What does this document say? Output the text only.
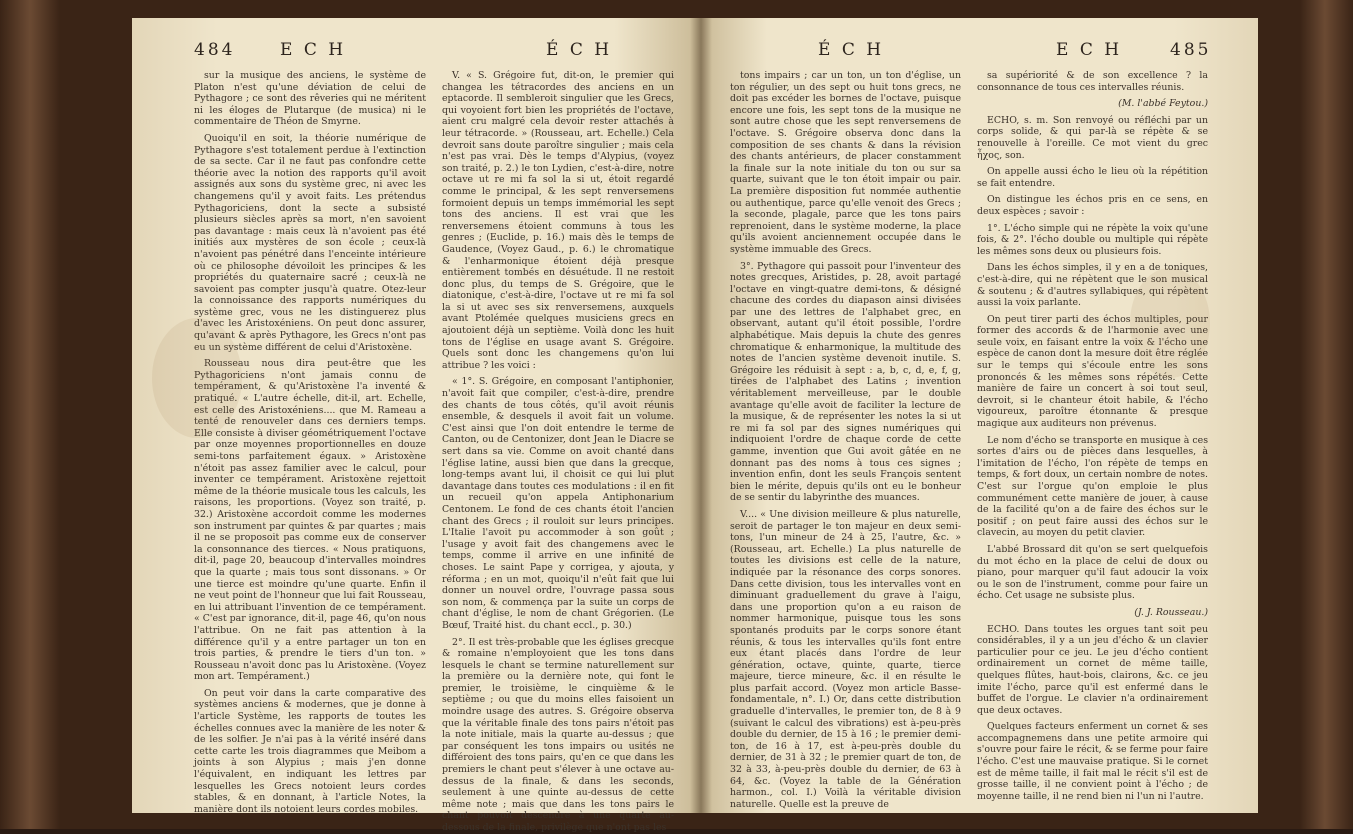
484	E C H	É C H

sur la musique des anciens, le système de Platon n'est qu'une déviation de celui de Pythagore ; ce sont des rêveries qui ne méritent ni les éloges de Plutarque (de musica) ni le commentaire de Théon de Smyrne.

Quoiqu'il en soit, la théorie numérique de Pythagore s'est totalement perdue à l'extinction de sa secte. Car il ne faut pas confondre cette théorie avec la notion des rapports qu'il avoit assignés aux sons du système grec, ni avec les changemens qu'il y avoit faits. Les prétendus Pythagoriciens, dont la secte a subsisté plusieurs siècles après sa mort, n'en savoient pas davantage : mais ceux là n'avoient pas été initiés aux mystères de son école ; ceux-là n'avoient pas pénétré dans l'enceinte intérieure où ce philosophe dévoiloit les principes & les propriétés du quaternaire sacré ; ceux-là ne savoient pas compter jusqu'à quatre. Otez-leur la connoissance des rapports numériques du système grec, vous ne les distinguerez plus d'avec les Aristoxéniens. On peut donc assurer, qu'avant & après Pythagore, les Grecs n'ont pas eu un système différent de celui d'Aristoxène.

Rousseau nous dira peut-être que les Pythagoriciens n'ont jamais connu de tempérament, & qu'Aristoxène l'a inventé & pratiqué. « L'autre échelle, dit-il, art. Echelle, est celle des Aristoxéniens.... que M. Rameau a tenté de renouveler dans ces derniers temps. Elle consiste à diviser géométriquement l'octave par onze moyennes proportionnelles en douze semi-tons parfaitement égaux. » Aristoxène n'étoit pas assez familier avec le calcul, pour inventer ce tempérament. Aristoxène rejettoit même de la théorie musicale tous les calculs, les raisons, les proportions. (Voyez son traité, p. 32.) Aristoxène accordoit comme les modernes son instrument par quintes & par quartes ; mais il ne se proposoit pas comme eux de conserver la consonnance des tierces. « Nous pratiquons, dit-il, page 20, beaucoup d'intervalles moindres que la quarte ; mais tous sont dissonans. » Or une tierce est moindre qu'une quarte. Enfin il ne veut point de l'honneur que lui fait Rousseau, en lui attribuant l'invention de ce tempérament. « C'est par ignorance, dit-il, page 46, qu'on nous l'attribue. On ne fait pas attention à la différence qu'il y a entre partager un ton en trois parties, & prendre le tiers d'un ton. » Rousseau n'avoit donc pas lu Aristoxène. (Voyez mon art. Tempérament.)

On peut voir dans la carte comparative des systèmes anciens & modernes, que je donne à l'article Système, les rapports de toutes les échelles connues avec la manière de les noter & de les solfier. Je n'ai pas à la vérité inséré dans cette carte les trois diagrammes que Meibom a joints à son Alypius ; mais j'en donne l'équivalent, en indiquant les lettres par lesquelles les Grecs notoient leurs cordes stables, & en donnant, à l'article Notes, la manière dont ils notoient leurs cordes mobiles.

V. « S. Grégoire fut, dit-on, le premier qui changea les tétracordes des anciens en un eptacorde. Il sembleroit singulier que les Grecs, qui voyoient fort bien les propriétés de l'octave, aient cru malgré cela devoir rester attachés à leur tétracorde. » (Rousseau, art. Echelle.) Cela devroit sans doute paroître singulier ; mais cela n'est pas vrai. Dès le temps d'Alypius, (voyez son traité, p. 2.) le ton Lydien, c'est-à-dire, notre octave ut re mi fa sol la si ut, étoit regardé comme le principal, & les sept renversemens formoient depuis un temps immémorial les sept tons des anciens. Il est vrai que les renversemens étoient communs à tous les genres ; (Euclide, p. 16.) mais dès le temps de Gaudence, (Voyez Gaud., p. 6.) le chromatique & l'enharmonique étoient déjà presque entièrement tombés en désuétude. Il ne restoit donc plus, du temps de S. Grégoire, que le diatonique, c'est-à-dire, l'octave ut re mi fa sol la si ut avec ses six renversemens, auxquels avant Ptolémée quelques musiciens grecs en ajoutoient déjà un septième. Voilà donc les huit tons de l'église en usage avant S. Grégoire. Quels sont donc les changemens qu'on lui attribue ? les voici :

« 1°. S. Grégoire, en composant l'antiphonier, n'avoit fait que compiler, c'est-à-dire, prendre des chants de tous côtés, qu'il avoit réunis ensemble, & desquels il avoit fait un volume. C'est ainsi que l'on doit entendre le terme de Canton, ou de Centonizer, dont Jean le Diacre se sert dans sa vie. Comme on avoit chanté dans l'église latine, aussi bien que dans la grecque, long-temps avant lui, il choisit ce qui lui plut davantage dans toutes ces modulations : il en fit un recueil qu'on appela Antiphonarium Centonem. Le fond de ces chants étoit l'ancien chant des Grecs ; il rouloit sur leurs principes. L'Italie l'avoit pu accommoder à son goût ; l'usage y avoit fait des changemens avec le temps, comme il arrive en une infinité de choses. Le saint Pape y corrigea, y ajouta, y réforma ; en un mot, quoiqu'il n'eût fait que lui donner un nouvel ordre, l'ouvrage passa sous son nom, & commença par la suite un corps de chant d'église, le nom de chant Grégorien. (Le Bœuf, Traité hist. du chant eccl., p. 30.)

2°. Il est très-probable que les églises grecque & romaine n'employoient que les tons dans lesquels le chant se termine naturellement sur la première ou la dernière note, qui font le premier, le troisième, le cinquième & le septième ; ou que du moins elles faisoient un moindre usage des autres. S. Grégoire observa que la véritable finale des tons pairs n'étoit pas la note initiale, mais la quarte au-dessus ; que par conséquent les tons impairs ou usités ne différoient des tons pairs, qu'en ce que dans les premiers le chant peut s'élever à une octave au-dessus de la finale, & dans les seconds, seulement à une quinte au-dessus de cette même note ; mais que dans les tons pairs le chant pouvoit descendre à une quarte au-dessous de la finale, privilège que n'ont pas les

É C H	E C H	485

tons impairs ; car un ton, un ton d'église, un ton régulier, un des sept ou huit tons grecs, ne doit pas excéder les bornes de l'octave, puisque encore une fois, les sept tons de la musique ne sont autre chose que les sept renversemens de l'octave. S. Grégoire observa donc dans la composition de ses chants & dans la révision des chants antérieurs, de placer constamment la finale sur la note initiale du ton ou sur sa quarte, suivant que le ton étoit impair ou pair. La première disposition fut nommée authentie ou authentique, parce qu'elle venoit des Grecs ; la seconde, plagale, parce que les tons pairs reprenoient, dans le système moderne, la place qu'ils avoient anciennement occupée dans le système immuable des Grecs.

3°. Pythagore qui passoit pour l'inventeur des notes grecques, Aristides, p. 28, avoit partagé l'octave en vingt-quatre demi-tons, & désigné chacune des cordes du diapason ainsi divisées par une des lettres de l'alphabet grec, en observant, autant qu'il étoit possible, l'ordre alphabétique. Mais depuis la chute des genres chromatique & enharmonique, la multitude des notes de l'ancien système devenoit inutile. S. Grégoire les réduisit à sept : a, b, c, d, e, f, g, tirées de l'alphabet des Latins ; invention véritablement merveilleuse, par le double avantage qu'elle avoit de faciliter la lecture de la musique, & de représenter les notes la si ut re mi fa sol par des signes numériques qui indiquoient l'ordre de chaque corde de cette gamme, invention que Gui avoit gâtée en ne donnant pas des noms à tous ces signes ; invention enfin, dont les seuls François sentent bien le mérite, depuis qu'ils ont eu le bonheur de se sentir du labyrinthe des muances.

V.... « Une division meilleure & plus naturelle, seroit de partager le ton majeur en deux semi-tons, l'un mineur de 24 à 25, l'autre, &c. » (Rousseau, art. Echelle.) La plus naturelle de toutes les divisions est celle de la nature, indiquée par la résonance des corps sonores. Dans cette division, tous les intervalles vont en diminuant graduellement du grave à l'aigu, dans une proportion qu'on a eu raison de nommer harmonique, puisque tous les sons spontanés produits par le corps sonore étant réunis, & tous les intervalles qu'ils font entre eux étant placés dans l'ordre de leur génération, octave, quinte, quarte, tierce majeure, tierce mineure, &c. il en résulte le plus parfait accord. (Voyez mon article Basse-fondamentale, n°. I.) Or, dans cette distribution graduelle d'intervalles, le premier ton, de 8 à 9 (suivant le calcul des vibrations) est à-peu-près double du dernier, de 15 à 16 ; le premier demi-ton, de 16 à 17, est à-peu-près double du dernier, de 31 à 32 ; le premier quart de ton, de 32 à 33, à-peu-près double du dernier, de 63 à 64, &c. (Voyez la table de la Génération harmon., col. I.) Voilà la véritable division naturelle. Quelle est la preuve de

sa supériorité & de son excellence ? la consonnance de tous ces intervalles réunis.

(M. l'abbé Feytou.)

ECHO, s. m. Son renvoyé ou réfléchi par un corps solide, & qui par-là se répète & se renouvelle à l'oreille. Ce mot vient du grec ἦχος, son.

On appelle aussi écho le lieu où la répétition se fait entendre.

On distingue les échos pris en ce sens, en deux espèces ; savoir :

1°. L'écho simple qui ne répète la voix qu'une fois, & 2°. l'écho double ou multiple qui répète les mêmes sons deux ou plusieurs fois.

Dans les échos simples, il y en a de toniques, c'est-à-dire, qui ne répètent que le son musical & soutenu ; & d'autres syllabiques, qui répètent aussi la voix parlante.

On peut tirer parti des échos multiples, pour former des accords & de l'harmonie avec une seule voix, en faisant entre la voix & l'écho une espèce de canon dont la mesure doit être réglée sur le temps qui s'écoule entre les sons prononcés & les mêmes sons répétés. Cette manière de faire un concert à soi tout seul, devroit, si le chanteur étoit habile, & l'écho vigoureux, paroître étonnante & presque magique aux auditeurs non prévenus.

Le nom d'écho se transporte en musique à ces sortes d'airs ou de pièces dans lesquelles, à l'imitation de l'écho, l'on répète de temps en temps, & fort doux, un certain nombre de notes. C'est sur l'orgue qu'on emploie le plus communément cette manière de jouer, à cause de la facilité qu'on a de faire des échos sur le positif ; on peut faire aussi des échos sur le clavecin, au moyen du petit clavier.

L'abbé Brossard dit qu'on se sert quelquefois du mot écho en la place de celui de doux ou piano, pour marquer qu'il faut adoucir la voix ou le son de l'instrument, comme pour faire un écho. Cet usage ne subsiste plus.

(J. J. Rousseau.)

ECHO. Dans toutes les orgues tant soit peu considérables, il y a un jeu d'écho & un clavier particulier pour ce jeu. Le jeu d'écho contient ordinairement un cornet de même taille, quelques flûtes, haut-bois, clairons, &c. ce jeu imite l'écho, parce qu'il est enfermé dans le buffet de l'orgue. Le clavier n'a ordinairement que deux octaves.

Quelques facteurs enferment un cornet & ses accompagnemens dans une petite armoire qui s'ouvre pour faire le récit, & se ferme pour faire l'écho. C'est une mauvaise pratique. Si le cornet est de même taille, il fait mal le récit s'il est de grosse taille, il ne convient point à l'écho ; de moyenne taille, il ne rend bien ni l'un ni l'autre.
